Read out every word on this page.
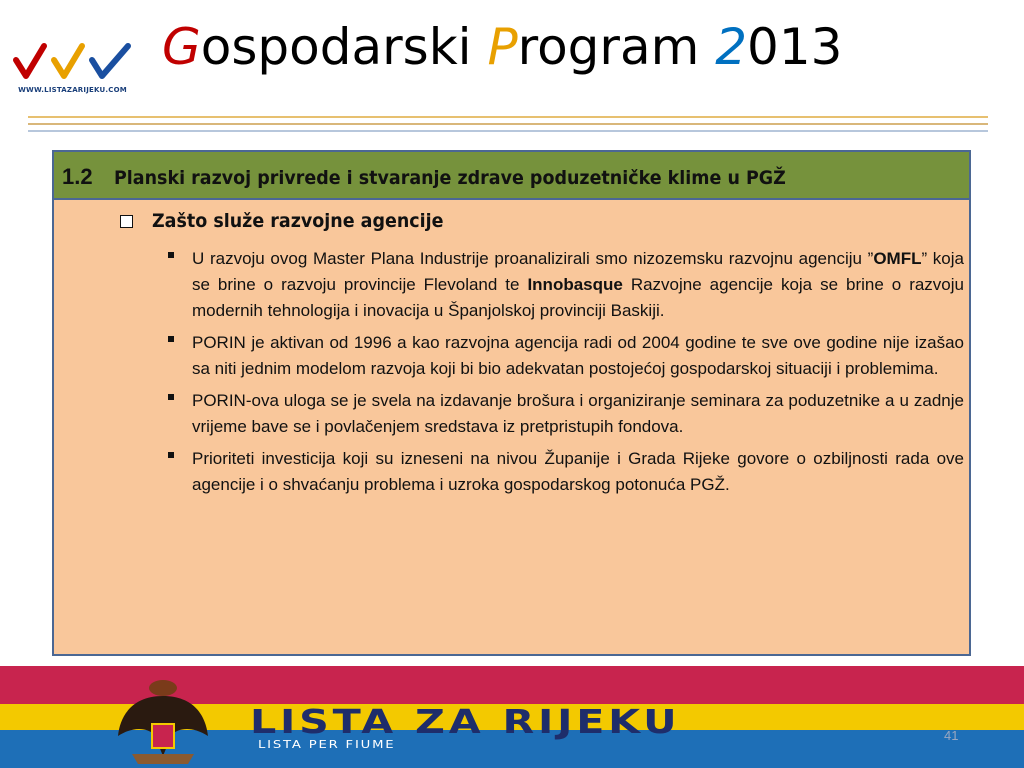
WWW.LISTAZARIJEKU.COM
Gospodarski Program 2013
1.2 Planski razvoj privrede i stvaranje zdrave poduzetničke klime u PGŽ
Zašto služe razvojne agencije

U razvoju ovog Master Plana Industrije proanalizirali smo nizozemsku razvojnu agenciju ”OMFL” koja se brine o razvoju provincije Flevoland te Innobasque Razvojne agencije koja se brine o razvoju modernih tehnologija i inovacija u Španjolskoj provinciji Baskiji.

PORIN je aktivan od 1996 a kao razvojna agencija radi od 2004 godine te sve ove godine nije izašao sa niti jednim modelom razvoja koji bi bio adekvatan postojećoj gospodarskoj situaciji i problemima.

PORIN-ova uloga se je svela na izdavanje brošura i organiziranje seminara za poduzetnike a u zadnje vrijeme bave se i povlačenjem sredstava iz pretpristupih fondova.

Prioriteti investicija koji su izneseni na nivou Županije i Grada Rijeke govore o ozbiljnosti rada ove agencije i o shvaćanju problema i uzroka gospodarskog potonuća PGŽ.

LISTA ZA RIJEKU
LISTA PER FIUME
41
